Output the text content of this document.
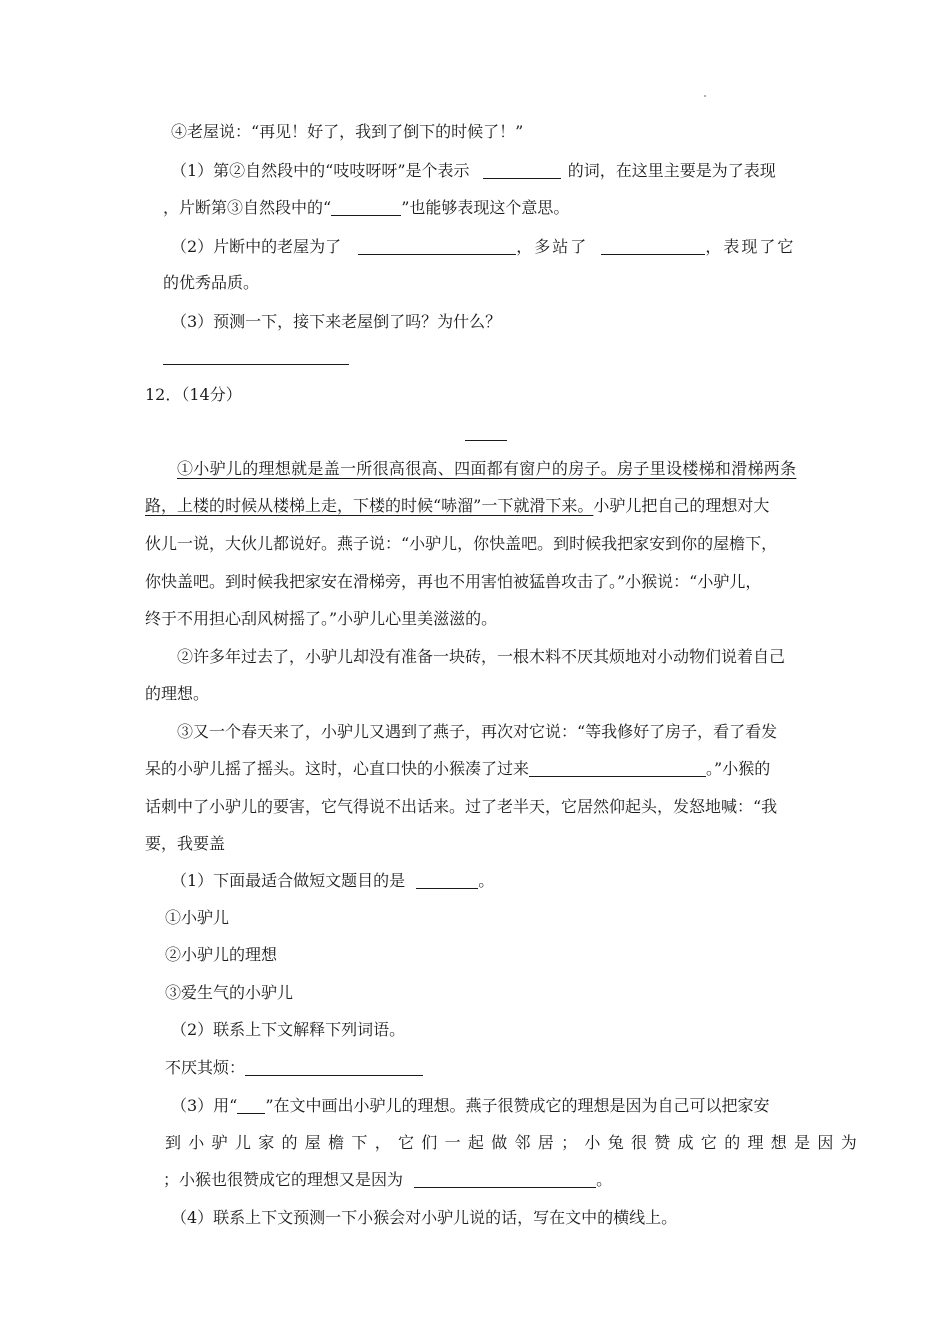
④老屋说：“再见！好了，我到了倒下的时候了！”
（1）第②自然段中的“吱吱呀呀”是个表示	的词，在这里主要是为了表现
，片断第③自然段中的“	”也能够表现这个意思。
（2）片断中的老屋为了	，多站了	，表现了它
的优秀品质。
（3）预测一下，接下来老屋倒了吗？为什么？
12．（14分）
①小驴儿的理想就是盖一所很高很高、四面都有窗户的房子。房子里设楼梯和滑梯两条
路，上楼的时候从楼梯上走，下楼的时候“哧溜”一下就滑下来。小驴儿把自己的理想对大
伙儿一说，大伙儿都说好。燕子说：“小驴儿，你快盖吧。到时候我把家安到你的屋檐下，
你快盖吧。到时候我把家安在滑梯旁，再也不用害怕被猛兽攻击了。”小猴说：“小驴儿，
终于不用担心刮风树摇了。”小驴儿心里美滋滋的。
②许多年过去了，小驴儿却没有准备一块砖，一根木料不厌其烦地对小动物们说着自己
的理想。
③又一个春天来了，小驴儿又遇到了燕子，再次对它说：“等我修好了房子，看了看发
呆的小驴儿摇了摇头。这时，心直口快的小猴凑了过来	。”小猴的
话刺中了小驴儿的要害，它气得说不出话来。过了老半天，它居然仰起头，发怒地喊：“我
要，我要盖
（1）下面最适合做短文题目的是	。
①小驴儿
②小驴儿的理想
③爱生气的小驴儿
（2）联系上下文解释下列词语。
不厌其烦：
（3）用“ ”在文中画出小驴儿的理想。燕子很赞成它的理想是因为自己可以把家安
到小驴儿家的屋檐下，它们一起做邻居；小兔很赞成它的理想是因为
；小猴也很赞成它的理想又是因为	。
（4）联系上下文预测一下小猴会对小驴儿说的话，写在文中的横线上。
